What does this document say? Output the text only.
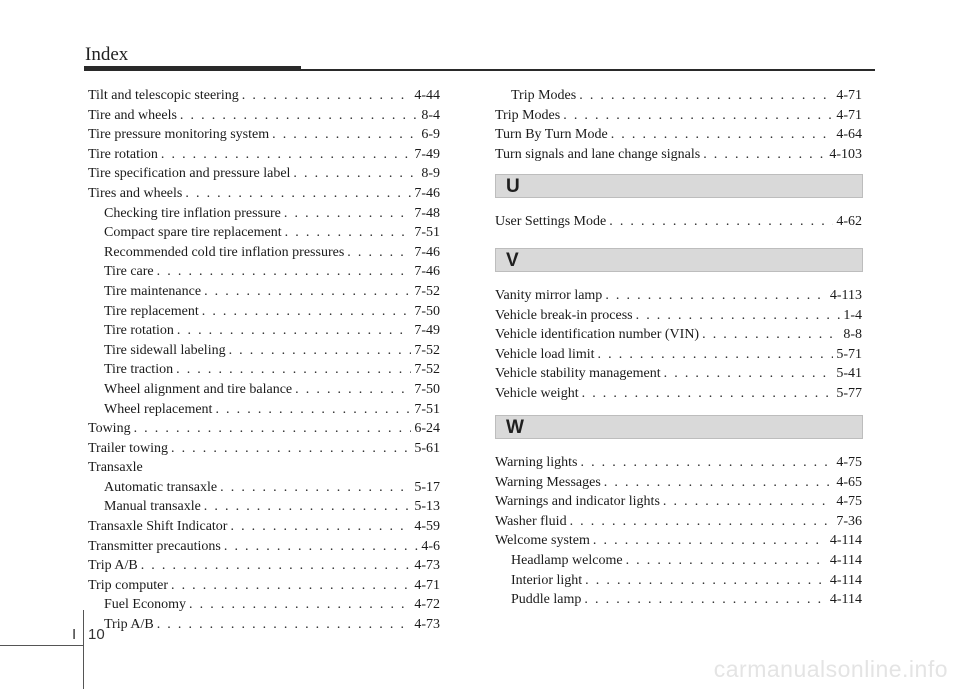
Index
Tilt and telescopic steering . . .	4-44
Tire and wheels . . .	8-4
Tire pressure monitoring system . . .	6-9
Tire rotation . . .	7-49
Tire specification and pressure label . . .	8-9
Tires and wheels . . .	7-46
Checking tire inflation pressure . . .	7-48
Compact spare tire replacement . . .	7-51
Recommended cold tire inflation pressures . . .	7-46
Tire care . . .	7-46
Tire maintenance . . .	7-52
Tire replacement . . .	7-50
Tire rotation . . .	7-49
Tire sidewall labeling . . .	7-52
Tire traction . . .	7-52
Wheel alignment and tire balance . . .	7-50
Wheel replacement . . .	7-51
Towing . . .	6-24
Trailer towing . . .	5-61
Transaxle
Automatic transaxle . . .	5-17
Manual transaxle . . .	5-13
Transaxle Shift Indicator . . .	4-59
Transmitter precautions . . .	4-6
Trip A/B . . .	4-73
Trip computer . . .	4-71
Fuel Economy . . .	4-72
Trip A/B . . .	4-73
Trip Modes . . .	4-71
Trip Modes . . .	4-71
Turn By Turn Mode . . .	4-64
Turn signals and lane change signals . . .	4-103
U
User Settings Mode . . .	4-62
V
Vanity mirror lamp . . .	4-113
Vehicle break-in process . . .	1-4
Vehicle identification number (VIN) . . .	8-8
Vehicle load limit . . .	5-71
Vehicle stability management . . .	5-41
Vehicle weight . . .	5-77
W
Warning lights . . .	4-75
Warning Messages . . .	4-65
Warnings and indicator lights . . .	4-75
Washer fluid . . .	7-36
Welcome system . . .	4-114
Headlamp welcome . . .	4-114
Interior light . . .	4-114
Puddle lamp . . .	4-114
I 10
carmanualsonline.info
